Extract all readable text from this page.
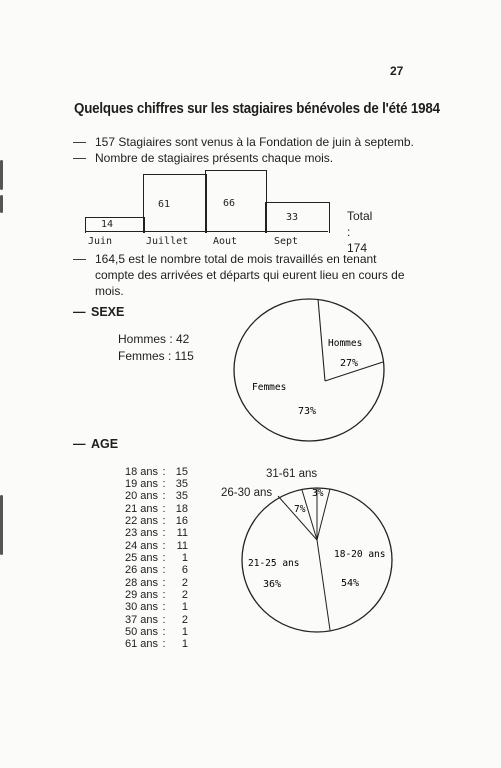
27
Quelques chiffres sur les stagiaires bénévoles de l'été 1984
— 157 Stagiaires sont venus à la Fondation de juin à septemb.
— Nombre de stagiaires présents chaque mois.
14
61	66
33
Juin	Juillet Aout	Sept
Total : 174
— 164,5 est le nombre total de mois travaillés en tenant
compte des arrivées et départs qui eurent lieu en cours de
mois.
— SEXE
Hommes : 42
Femmes : 115
Hommes
27%
Femmes
73%
— AGE
18 ans : 15
19 ans : 35
20 ans : 35
21 ans : 18
22 ans : 16
23 ans : 11
24 ans : 11
25 ans : 1
26 ans : 6
28 ans : 2
29 ans : 2
30 ans : 1
37 ans : 2
50 ans : 1
61 ans : 1
31-61 ans
26-30 ans	3%
7%
21-25 ans
36%
18-20 ans
54%
